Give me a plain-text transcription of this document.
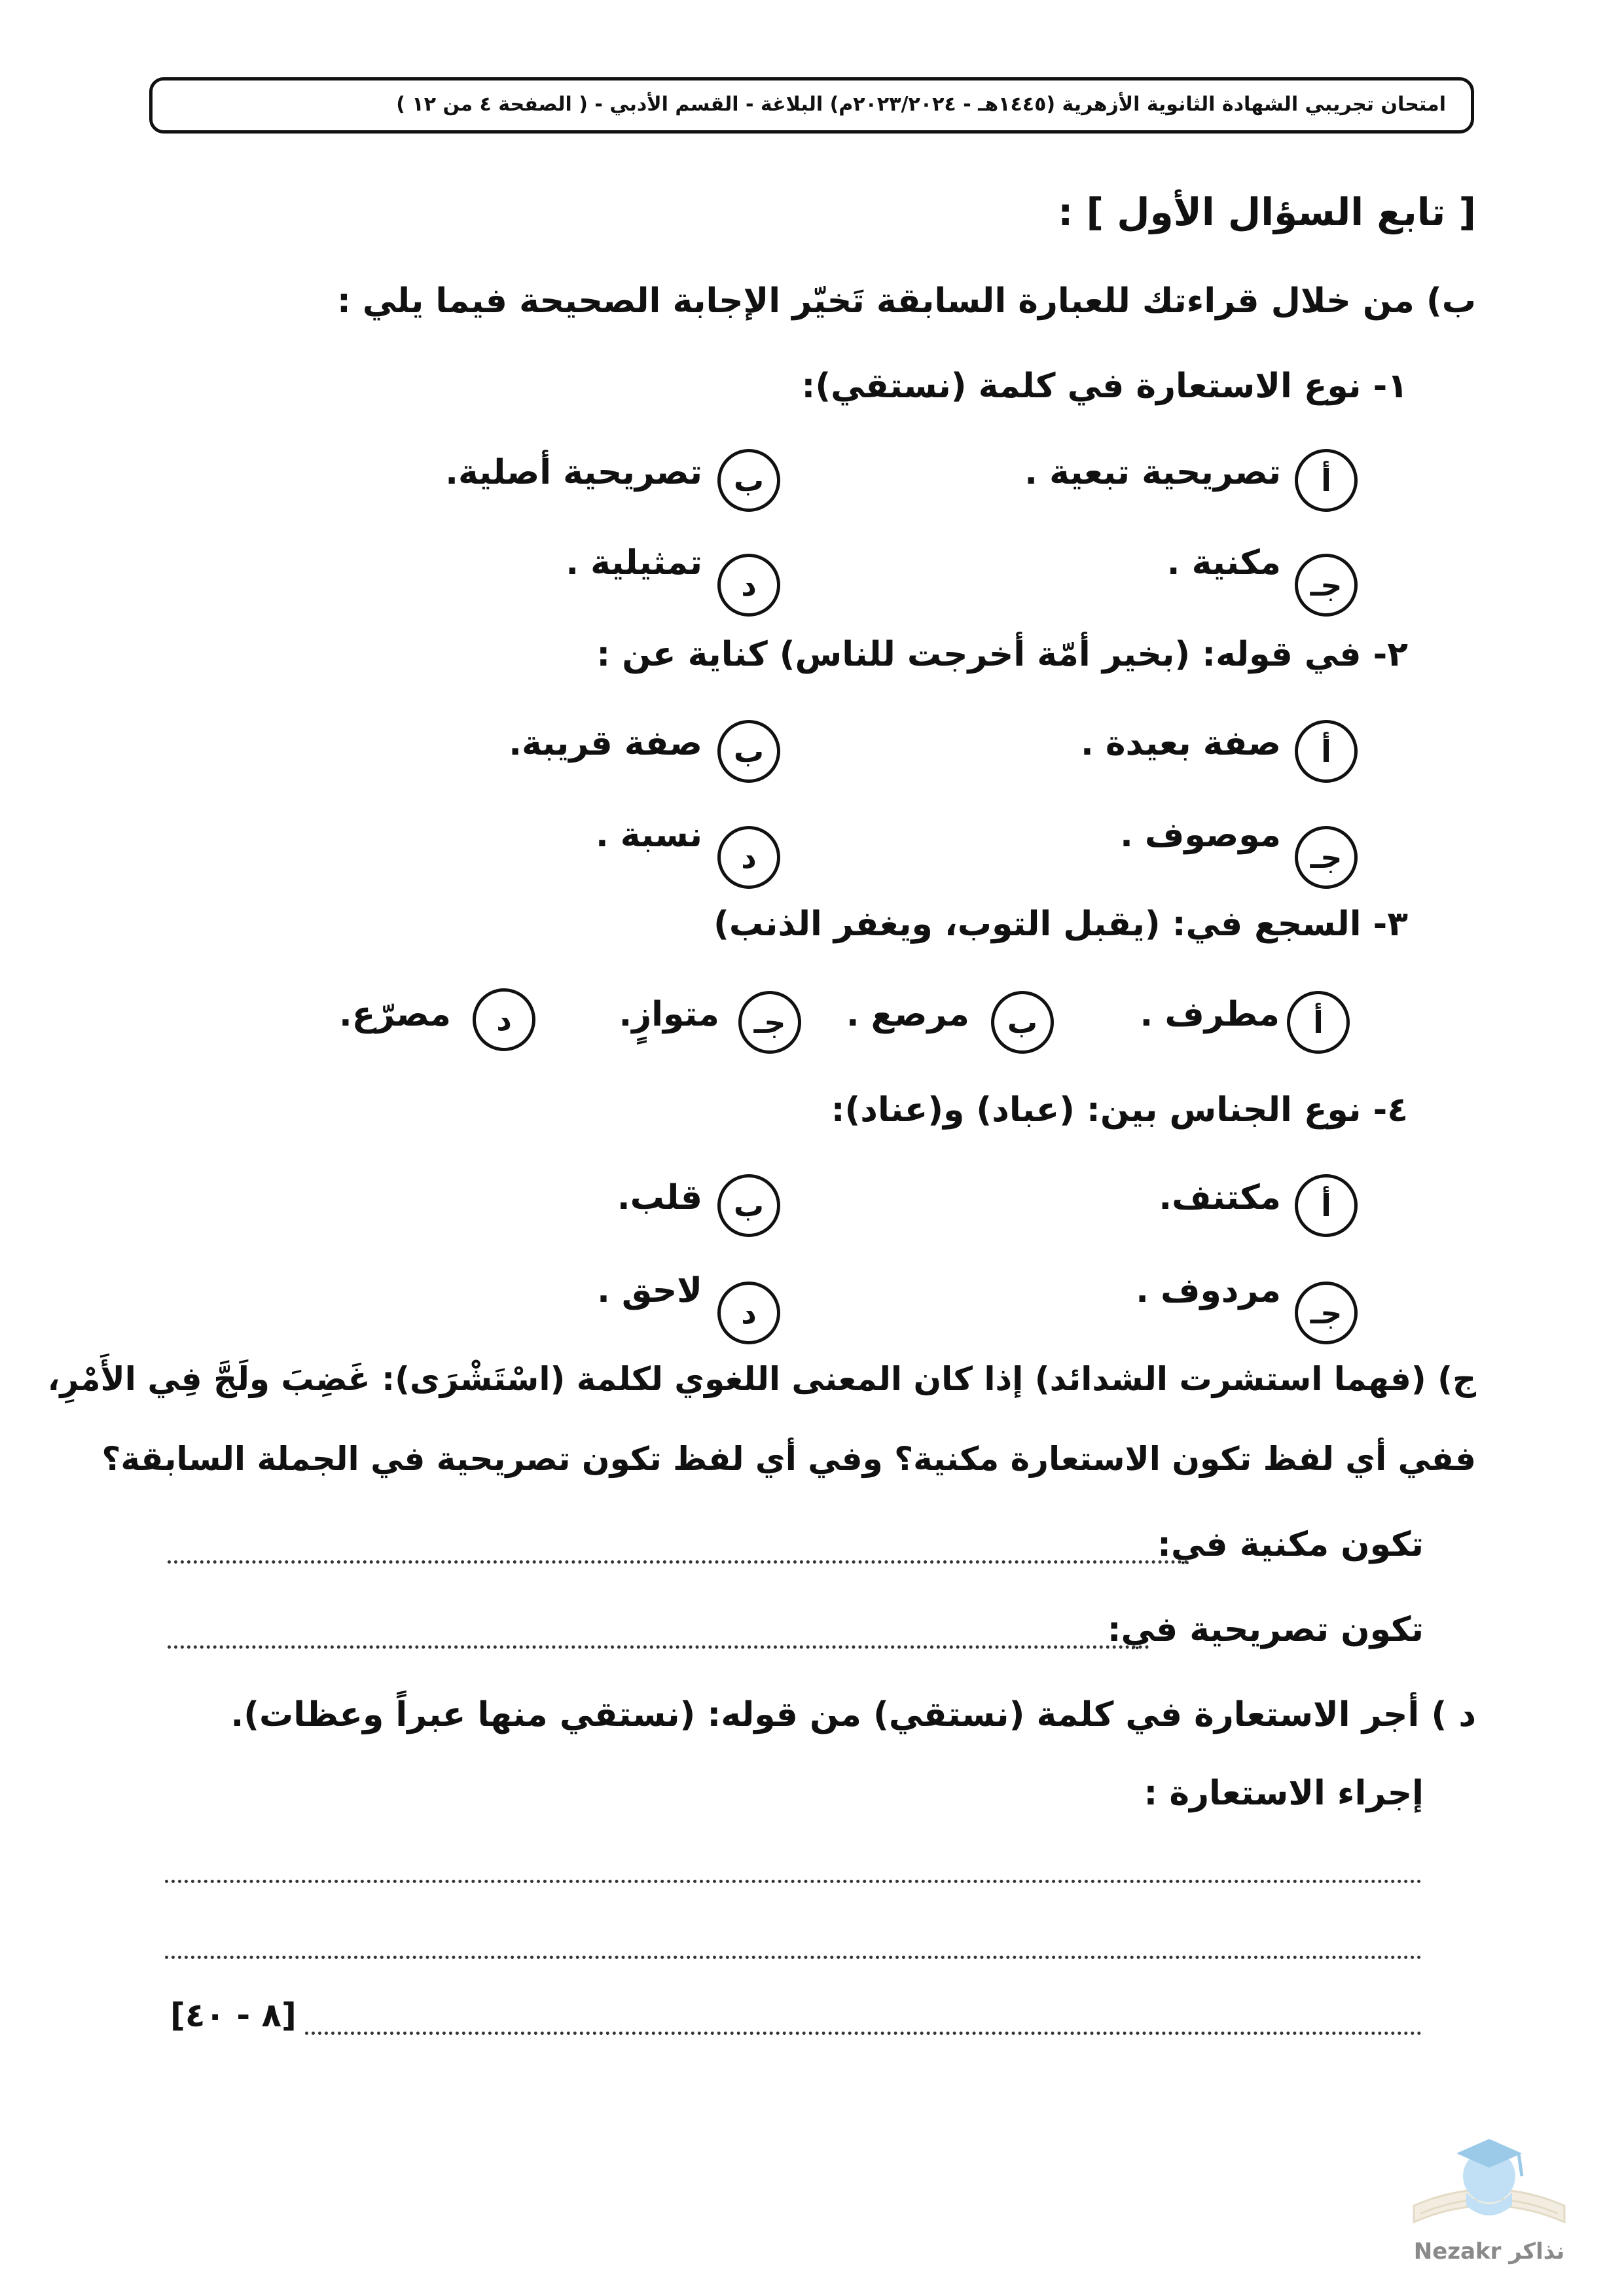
امتحان تجريبي الشهادة الثانوية الأزهرية (١٤٤٥هـ - ٢٠٢٣/٢٠٢٤م) البلاغة - القسم الأدبي - ( الصفحة ٤ من ١٢ )
[ تابع السؤال الأول ] :
ب) من خلال قراءتك للعبارة السابقة تَخيّر الإجابة الصحيحة فيما يلي :
١- نوع الاستعارة في كلمة (نستقي):
أ
تصريحية تبعية .
ب
تصريحية أصلية.
جـ
مكنية .
د
تمثيلية .
٢- في قوله: (بخير أمّة أخرجت للناس) كناية عن :
أ
صفة بعيدة .
ب
صفة قريبة.
جـ
موصوف .
د
نسبة .
٣- السجع في: (يقبل التوب، ويغفر الذنب)
أ
مطرف .
ب
مرصع .
جـ
متوازٍ.
د
مصرّع.
٤- نوع الجناس بين: (عباد) و(عناد):
أ
مكتنف.
ب
قلب.
جـ
مردوف .
د
لاحق .
ج) (فهما استشرت الشدائد) إذا كان المعنى اللغوي لكلمة (اسْتَشْرَى): غَضِبَ ولَجَّ فِي الأَمْرِ،
ففي أي لفظ تكون الاستعارة مكنية؟ وفي أي لفظ تكون تصريحية في الجملة السابقة؟
تكون مكنية في:
تكون تصريحية في:
د ) أجر الاستعارة في كلمة (نستقي) من قوله: (نستقي منها عبراً وعظات).
إجراء الاستعارة :
[٨ - ٤٠]
Nezakr نذاكر
